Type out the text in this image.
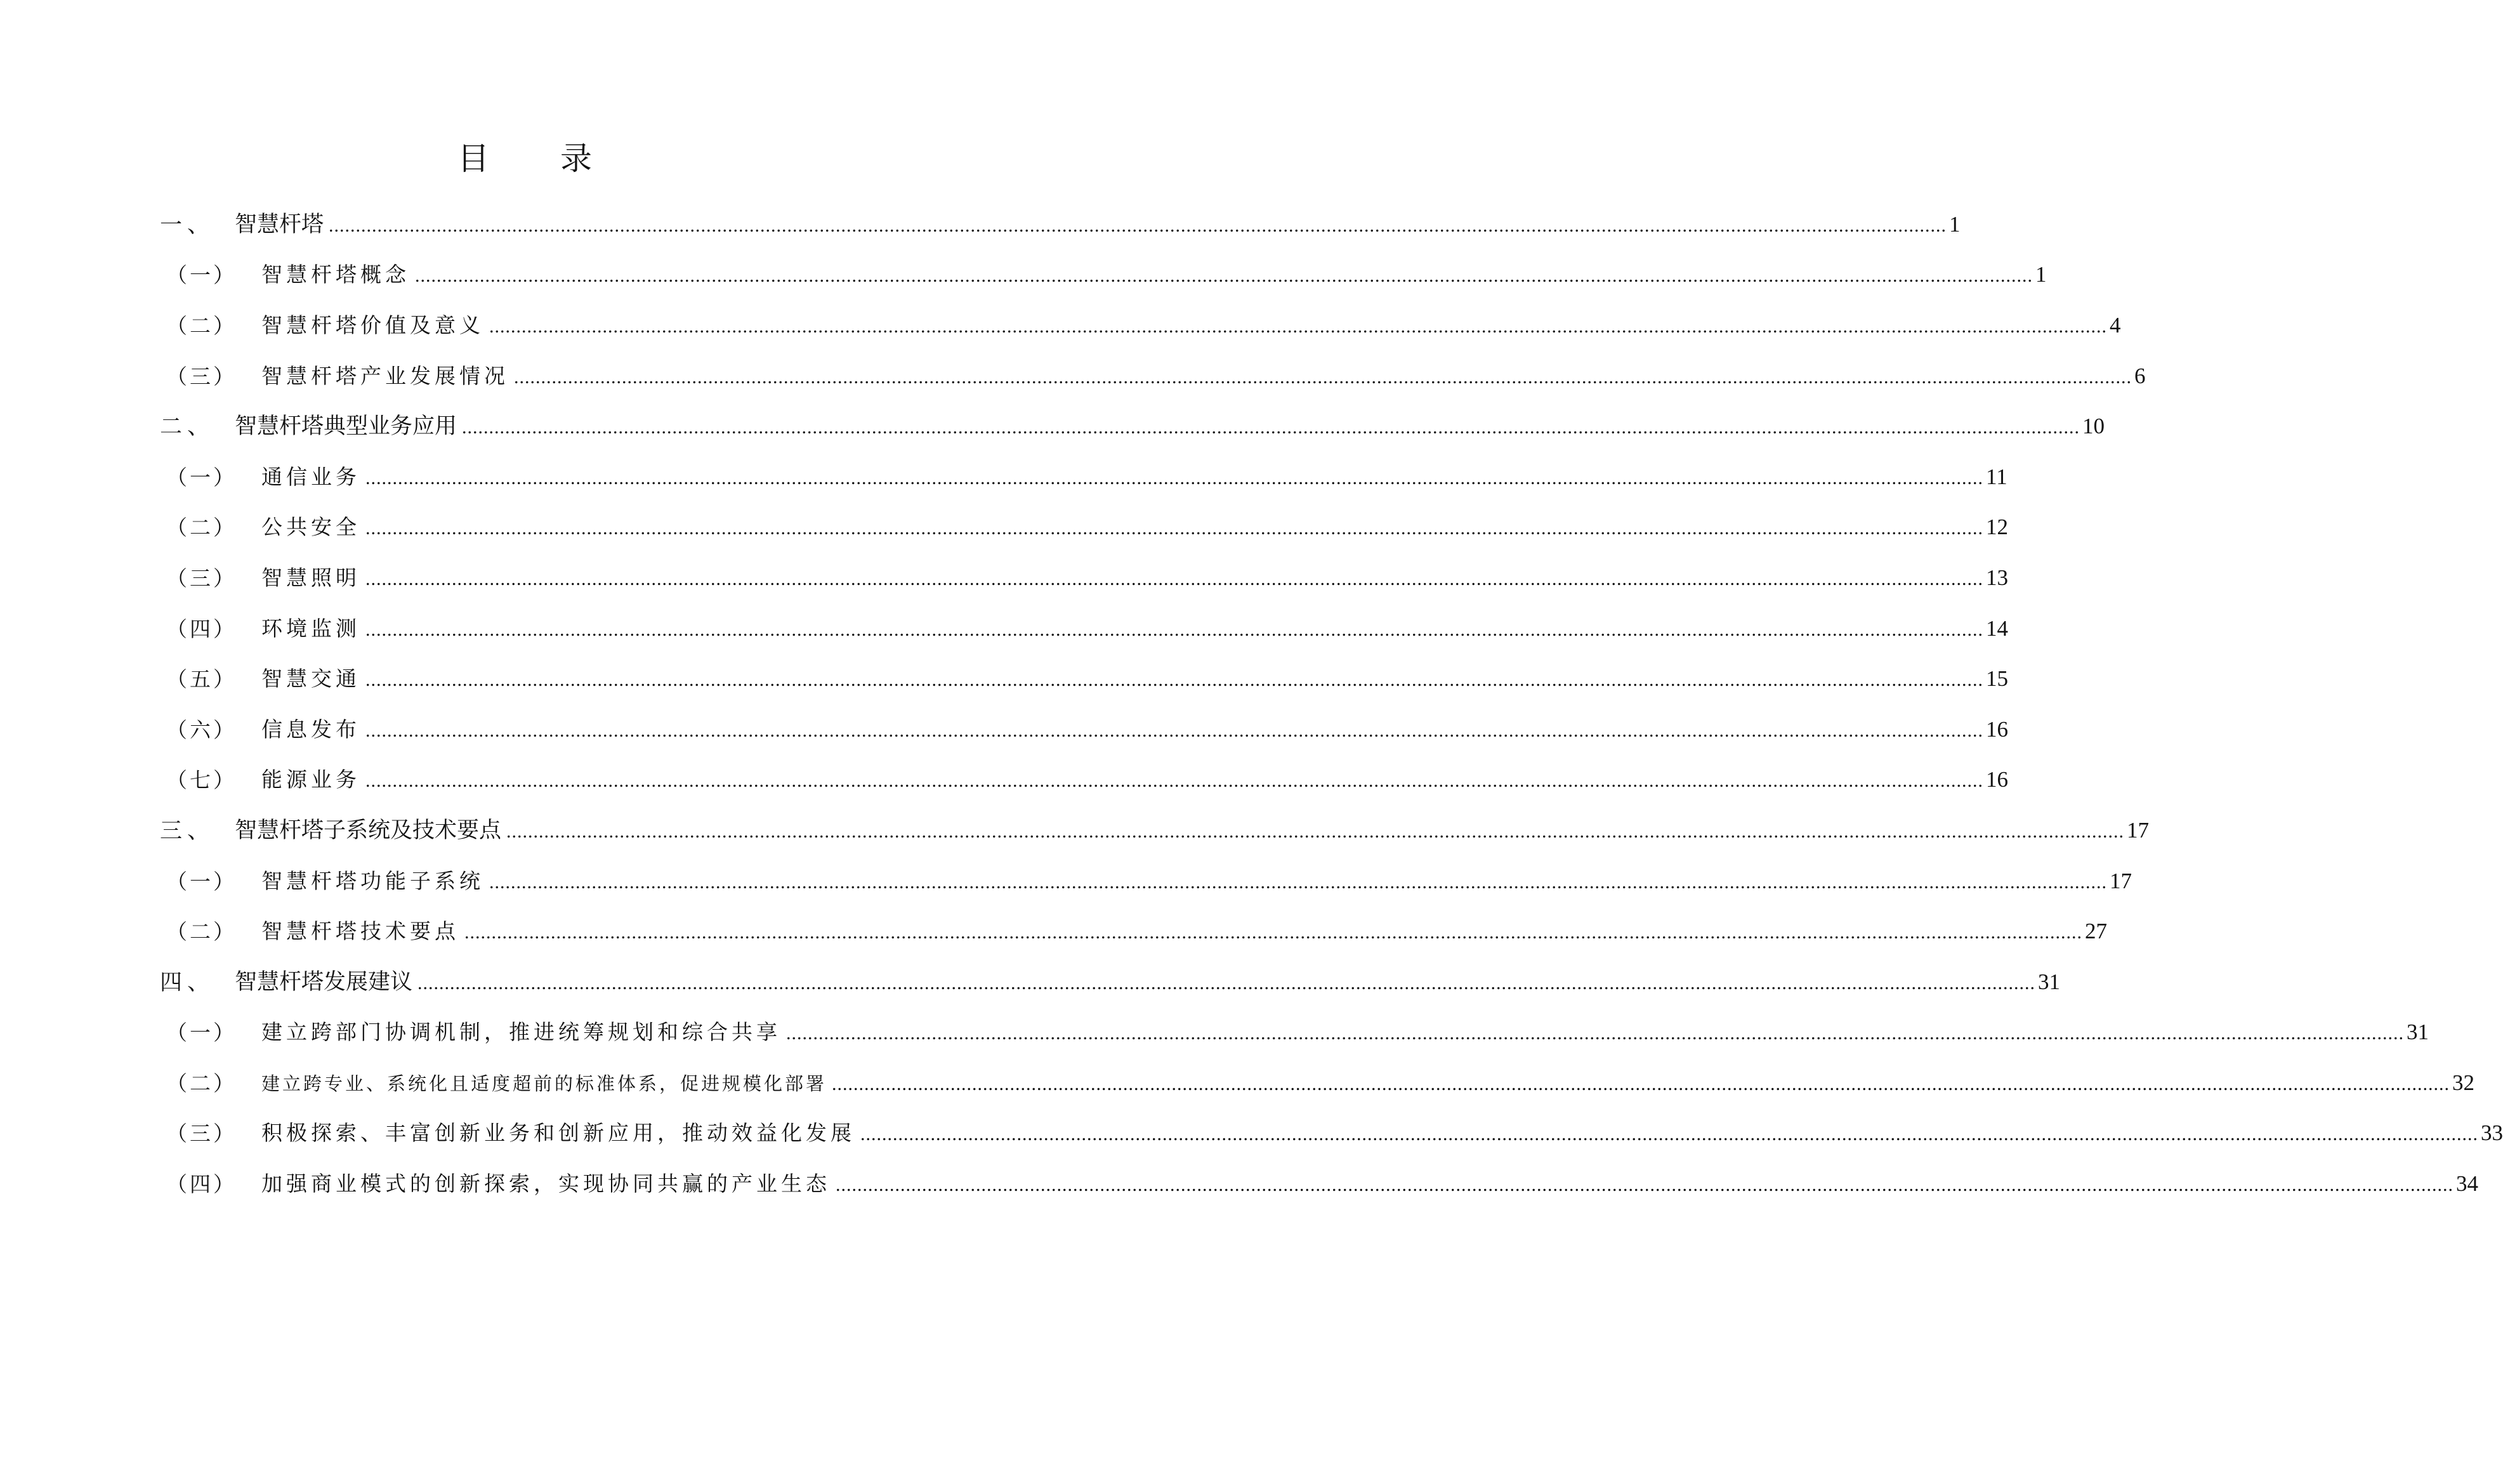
目 录
一、 智慧杆塔 ............................................................................................................................................................................................................................................................................................................ 1
（一） 智慧杆塔概念 ............................................................................................................................................................................................................................................................................................................ 1
（二） 智慧杆塔价值及意义 ............................................................................................................................................................................................................................................................................................................ 4
（三） 智慧杆塔产业发展情况 ............................................................................................................................................................................................................................................................................................................ 6
二、 智慧杆塔典型业务应用 ............................................................................................................................................................................................................................................................................................................ 10
（一） 通信业务 ............................................................................................................................................................................................................................................................................................................ 11
（二） 公共安全 ............................................................................................................................................................................................................................................................................................................ 12
（三） 智慧照明 ............................................................................................................................................................................................................................................................................................................ 13
（四） 环境监测 ............................................................................................................................................................................................................................................................................................................ 14
（五） 智慧交通 ............................................................................................................................................................................................................................................................................................................ 15
（六） 信息发布 ............................................................................................................................................................................................................................................................................................................ 16
（七） 能源业务 ............................................................................................................................................................................................................................................................................................................ 16
三、 智慧杆塔子系统及技术要点 ............................................................................................................................................................................................................................................................................................................ 17
（一） 智慧杆塔功能子系统 ............................................................................................................................................................................................................................................................................................................ 17
（二） 智慧杆塔技术要点 ............................................................................................................................................................................................................................................................................................................ 27
四、 智慧杆塔发展建议 ............................................................................................................................................................................................................................................................................................................ 31
（一） 建立跨部门协调机制，推进统筹规划和综合共享 ............................................................................................................................................................................................................................................................................................................ 31
（二） 建立跨专业、系统化且适度超前的标准体系，促进规模化部署 ............................................................................................................................................................................................................................................................................................................ 32
（三） 积极探索、丰富创新业务和创新应用，推动效益化发展 ............................................................................................................................................................................................................................................................................................................ 33
（四） 加强商业模式的创新探索，实现协同共赢的产业生态 ............................................................................................................................................................................................................................................................................................................ 34
